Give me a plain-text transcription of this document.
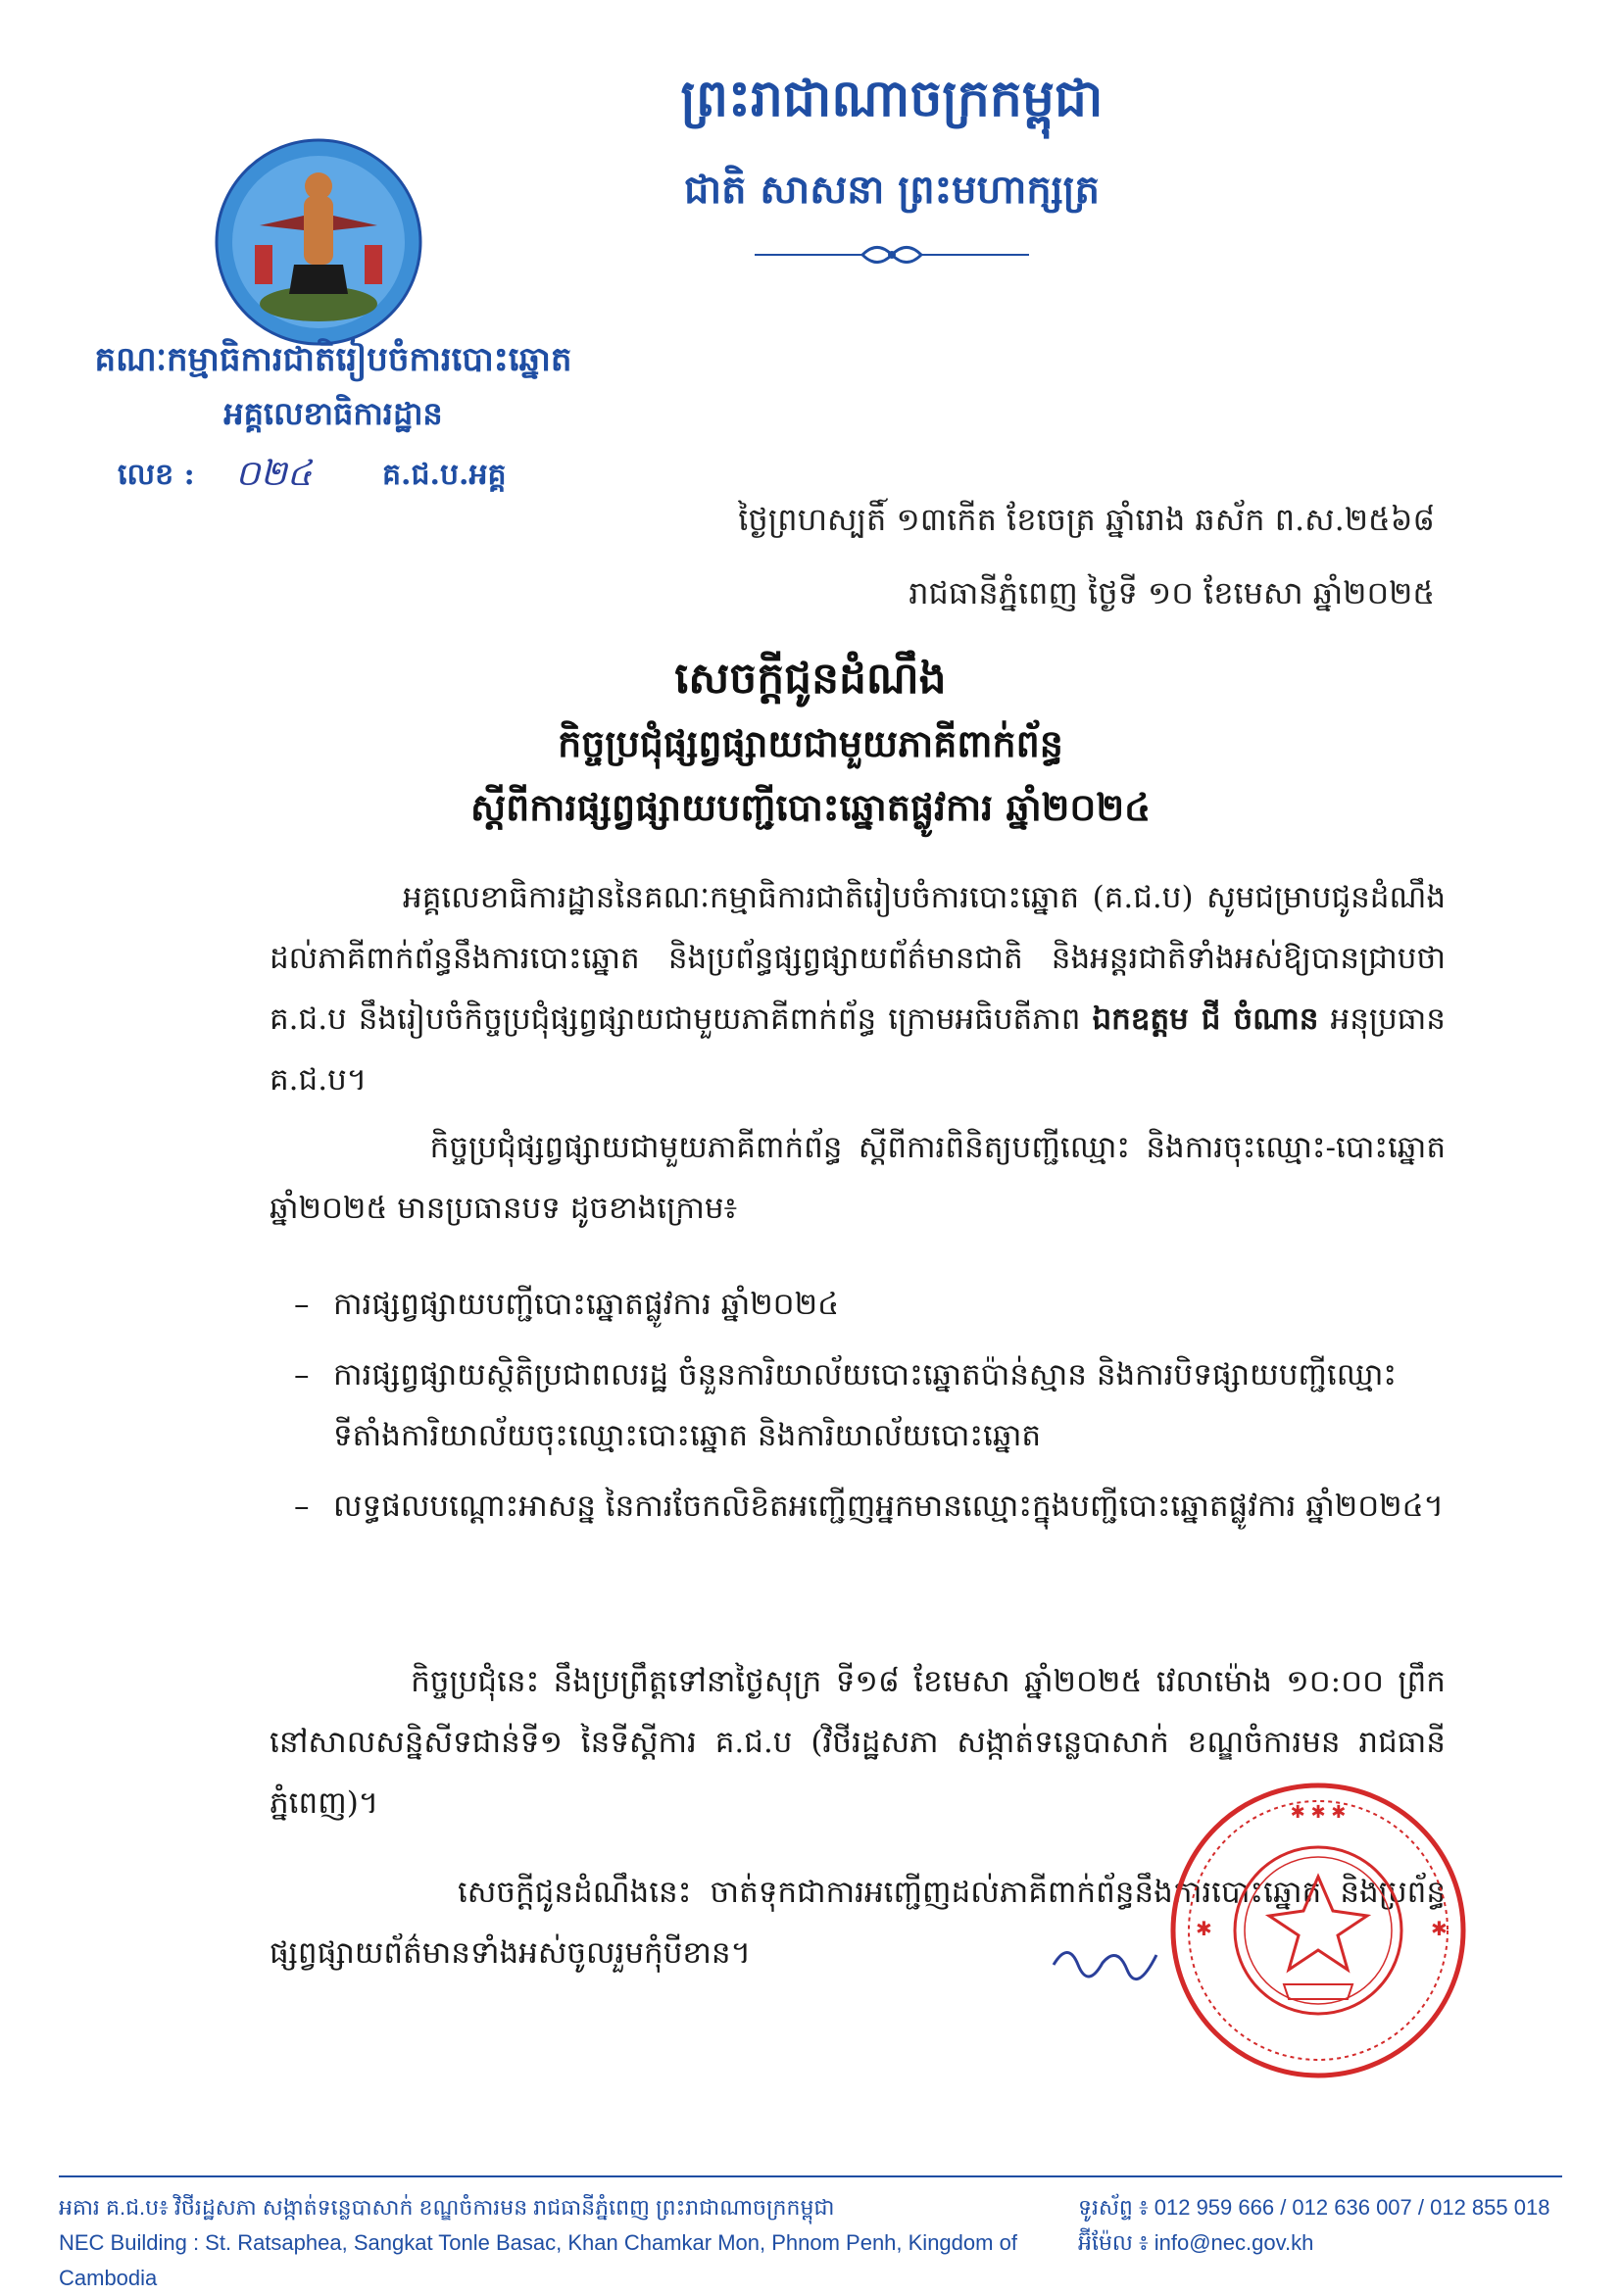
ព្រះរាជាណាចក្រកម្ពុជា
ជាតិ សាសនា ព្រះមហាក្សត្រ
គណៈកម្មាធិការជាតិរៀបចំការបោះឆ្នោត
អគ្គលេខាធិការដ្ឋាន
លេខ : ០២៤ គ.ជ.ប.អគ្គ
ថ្ងៃព្រហស្បតិ៍ ១៣កើត ខែចេត្រ ឆ្នាំរោង ឆស័ក ព.ស.២៥៦៨
រាជធានីភ្នំពេញ ថ្ងៃទី ១០ ខែមេសា ឆ្នាំ២០២៥
សេចក្តីជូនដំណឹង
កិច្ចប្រជុំផ្សព្វផ្សាយជាមួយភាគីពាក់ព័ន្ធ
ស្តីពីការផ្សព្វផ្សាយបញ្ជីបោះឆ្នោតផ្លូវការ ឆ្នាំ២០២៤
អគ្គលេខាធិការដ្ឋាននៃគណៈកម្មាធិការជាតិរៀបចំការបោះឆ្នោត (គ.ជ.ប) សូមជម្រាបជូនដំណឹងដល់ភាគីពាក់ព័ន្ធនឹងការបោះឆ្នោត និងប្រព័ន្ធផ្សព្វផ្សាយព័ត៌មានជាតិ និងអន្តរជាតិទាំងអស់ឱ្យបានជ្រាបថា គ.ជ.ប នឹងរៀបចំកិច្ចប្រជុំផ្សព្វផ្សាយជាមួយភាគីពាក់ព័ន្ធ ក្រោមអធិបតីភាព ឯកឧត្តម ជី ចំណាន អនុប្រធាន គ.ជ.ប។
កិច្ចប្រជុំផ្សព្វផ្សាយជាមួយភាគីពាក់ព័ន្ធ ស្តីពីការពិនិត្យបញ្ជីឈ្មោះ និងការចុះឈ្មោះ-បោះឆ្នោត ឆ្នាំ២០២៥ មានប្រធានបទ ដូចខាងក្រោម៖
– ការផ្សព្វផ្សាយបញ្ជីបោះឆ្នោតផ្លូវការ ឆ្នាំ២០២៤
– ការផ្សព្វផ្សាយស្ថិតិប្រជាពលរដ្ឋ ចំនួនការិយាល័យបោះឆ្នោតប៉ាន់ស្មាន និងការបិទផ្សាយបញ្ជីឈ្មោះទីតាំងការិយាល័យចុះឈ្មោះបោះឆ្នោត និងការិយាល័យបោះឆ្នោត
– លទ្ធផលបណ្តោះអាសន្ន នៃការចែកលិខិតអញ្ជើញអ្នកមានឈ្មោះក្នុងបញ្ជីបោះឆ្នោតផ្លូវការ ឆ្នាំ២០២៤។
កិច្ចប្រជុំនេះ នឹងប្រព្រឹត្តទៅនាថ្ងៃសុក្រ ទី១៨ ខែមេសា ឆ្នាំ២០២៥ វេលាម៉ោង ១០:០០ ព្រឹក នៅសាលសន្និសីទជាន់ទី១ នៃទីស្តីការ គ.ជ.ប (វិថីរដ្ឋសភា សង្កាត់ទន្លេបាសាក់ ខណ្ឌចំការមន រាជធានីភ្នំពេញ)។
សេចក្តីជូនដំណឹងនេះ ចាត់ទុកជាការអញ្ជើញដល់ភាគីពាក់ព័ន្ធនឹងការបោះឆ្នោត និងប្រព័ន្ធផ្សព្វផ្សាយព័ត៌មានទាំងអស់ចូលរួមកុំបីខាន។
✱ ✱ ✱
✱	✱
អគារ គ.ជ.ប៖ វិថីរដ្ឋសភា សង្កាត់ទន្លេបាសាក់ ខណ្ឌចំការមន រាជធានីភ្នំពេញ ព្រះរាជាណាចក្រកម្ពុជា
NEC Building : St. Ratsaphea, Sangkat Tonle Basac, Khan Chamkar Mon, Phnom Penh, Kingdom of Cambodia
ទូរស័ព្ទ ៖ 012 959 666 / 012 636 007 / 012 855 018
អ៊ីម៉ែល ៖ info@nec.gov.kh
